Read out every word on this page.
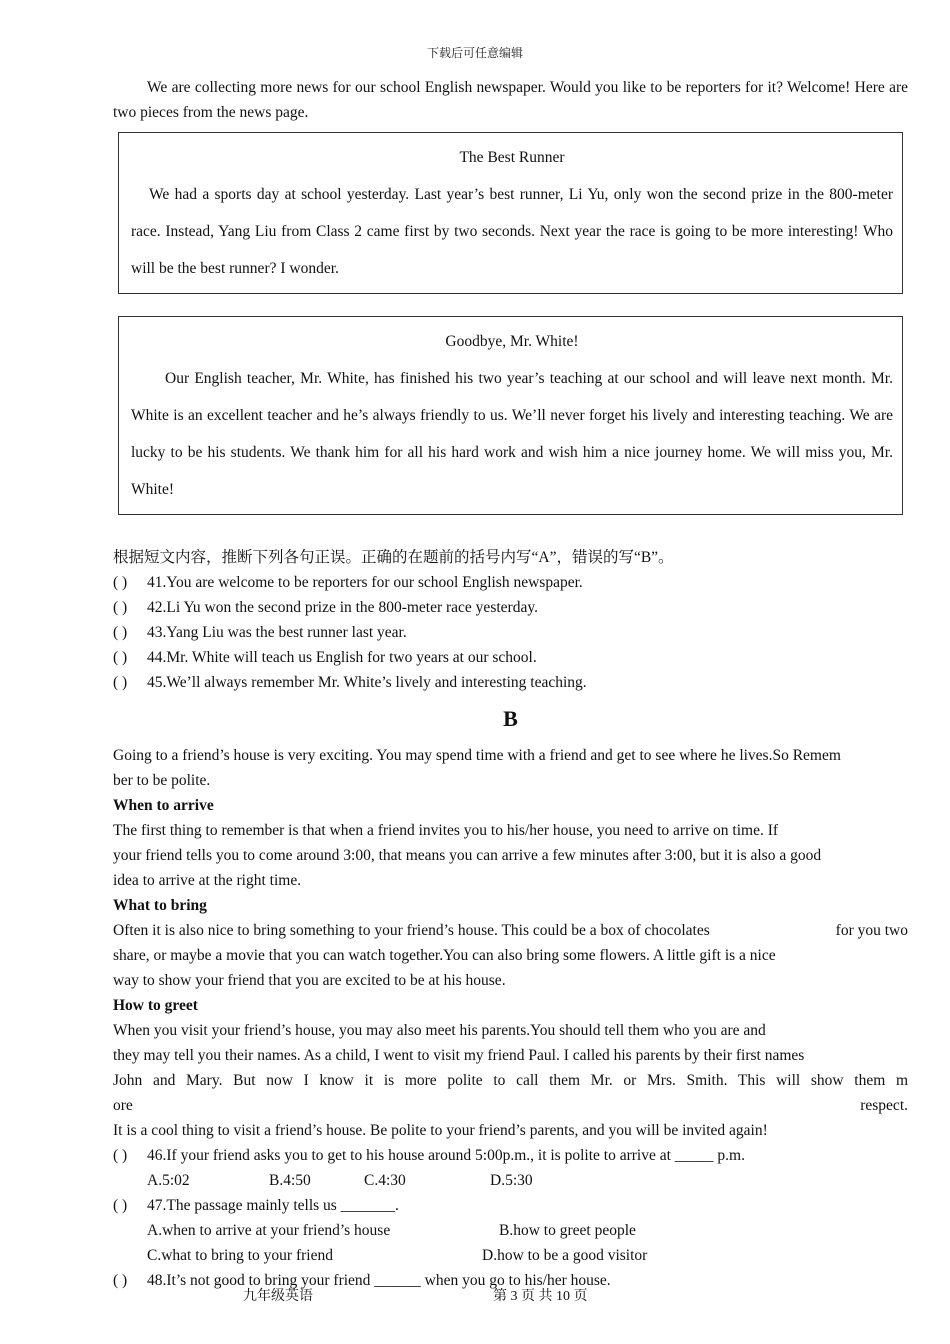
下载后可任意编辑

We are collecting more news for our school English newspaper. Would you like to be reporters for it? Welcome! Here are two pieces from the news page.

The Best Runner
We had a sports day at school yesterday. Last year’s best runner, Li Yu, only won the second prize in the 800-meter race. Instead, Yang Liu from Class 2 came first by two seconds. Next year the race is going to be more interesting! Who will be the best runner? I wonder.
Goodbye, Mr. White!
Our English teacher, Mr. White, has finished his two year’s teaching at our school and will leave next month. Mr. White is an excellent teacher and he’s always friendly to us. We’ll never forget his lively and interesting teaching. We are lucky to be his students. We thank him for all his hard work and wish him a nice journey home. We will miss you, Mr. White!

根据短文内容，推断下列各句正误。正确的在题前的括号内写“A”，错误的写“B”。

( ) 41.You are welcome to be reporters for our school English newspaper.
( ) 42.Li Yu won the second prize in the 800-meter race yesterday.
( ) 43.Yang Liu was the best runner last year.
( ) 44.Mr. White will teach us English for two years at our school.
( ) 45.We’ll always remember Mr. White’s lively and interesting teaching.
B
Going to a friend’s house is very exciting. You may spend time with a friend and get to see where he lives.So Remem
ber to be polite.
When to arrive
The first thing to remember is that when a friend invites you to his/her house, you need to arrive on time. If
your friend tells you to come around 3:00, that means you can arrive a few minutes after 3:00, but it is also a good
idea to arrive at the right time.
What to bring
Often it is also nice to bring something to your friend’s house. This could be a box of chocolates	for you two
share, or maybe a movie that you can watch together.You can also bring some flowers. A little gift is a nice
way to show your friend that you are excited to be at his house.
How to greet
When you visit your friend’s house, you may also meet his parents.You should tell them who you are and
they may tell you their names. As a child, I went to visit my friend Paul. I called his parents by their first names
John and Mary. But now I know it is more polite to call them Mr. or Mrs. Smith. This will show them m
ore	respect.
It is a cool thing to visit a friend’s house. Be polite to your friend’s parents, and you will be invited again!
( ) 46.If your friend asks you to get to his house around 5:00p.m., it is polite to arrive at _____ p.m.
A.5:02	B.4:50	C.4:30	D.5:30
( ) 47.The passage mainly tells us _______.
A.when to arrive at your friend’s house	B.how to greet people
C.what to bring to your friend	D.how to be a good visitor
( ) 48.It’s not good to bring your friend ______ when you go to his/her house.
九年级英语	第 3 页 共 10 页
